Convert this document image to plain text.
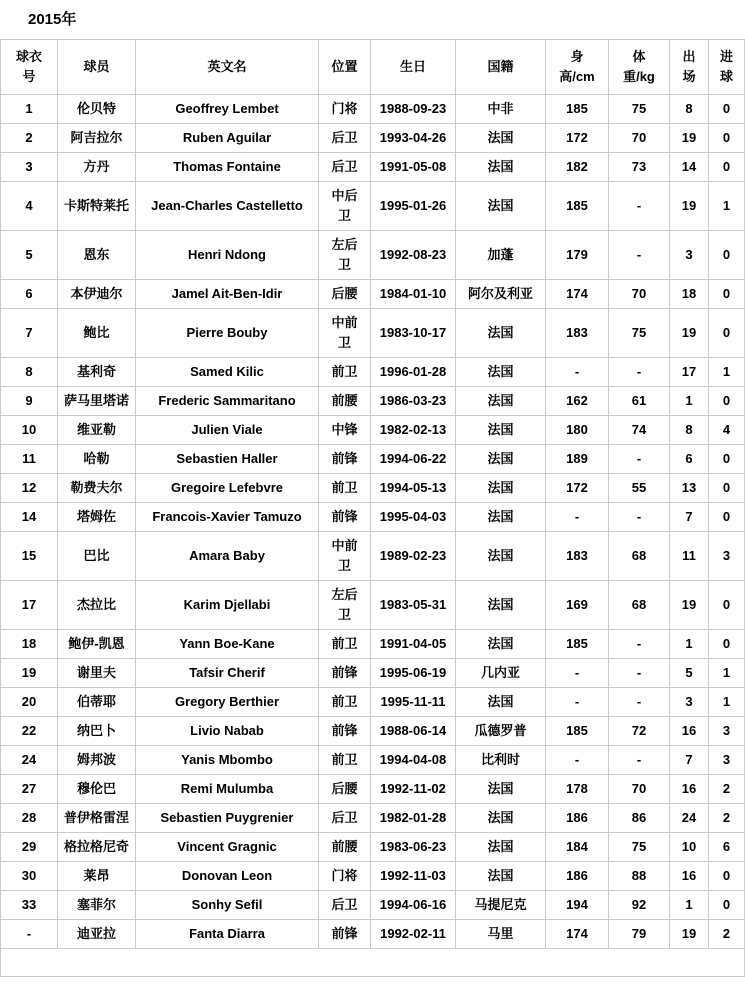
2015年
球衣号	球员	英文名	位置	生日	国籍	身高/cm	体重/kg	出场	进球
1	伦贝特	Geoffrey Lembet	门将	1988-09-23	中非	185	75	8	0
2	阿吉拉尔	Ruben Aguilar	后卫	1993-04-26	法国	172	70	19	0
3	方丹	Thomas Fontaine	后卫	1991-05-08	法国	182	73	14	0
4	卡斯特莱托	Jean-Charles Castelletto	中后卫	1995-01-26	法国	185	-	19	1
5	恩东	Henri Ndong	左后卫	1992-08-23	加蓬	179	-	3	0
6	本伊迪尔	Jamel Ait-Ben-Idir	后腰	1984-01-10	阿尔及利亚	174	70	18	0
7	鲍比	Pierre Bouby	中前卫	1983-10-17	法国	183	75	19	0
8	基利奇	Samed Kilic	前卫	1996-01-28	法国	-	-	17	1
9	萨马里塔诺	Frederic Sammaritano	前腰	1986-03-23	法国	162	61	1	0
10	维亚勒	Julien Viale	中锋	1982-02-13	法国	180	74	8	4
11	哈勒	Sebastien Haller	前锋	1994-06-22	法国	189	-	6	0
12	勒费夫尔	Gregoire Lefebvre	前卫	1994-05-13	法国	172	55	13	0
14	塔姆佐	Francois-Xavier Tamuzo	前锋	1995-04-03	法国	-	-	7	0
15	巴比	Amara Baby	中前卫	1989-02-23	法国	183	68	11	3
17	杰拉比	Karim Djellabi	左后卫	1983-05-31	法国	169	68	19	0
18	鲍伊-凯恩	Yann Boe-Kane	前卫	1991-04-05	法国	185	-	1	0
19	谢里夫	Tafsir Cherif	前锋	1995-06-19	几内亚	-	-	5	1
20	伯蒂耶	Gregory Berthier	前卫	1995-11-11	法国	-	-	3	1
22	纳巴卜	Livio Nabab	前锋	1988-06-14	瓜德罗普	185	72	16	3
24	姆邦波	Yanis Mbombo	前卫	1994-04-08	比利时	-	-	7	3
27	穆伦巴	Remi Mulumba	后腰	1992-11-02	法国	178	70	16	2
28	普伊格雷涅	Sebastien Puygrenier	后卫	1982-01-28	法国	186	86	24	2
29	格拉格尼奇	Vincent Gragnic	前腰	1983-06-23	法国	184	75	10	6
30	莱昂	Donovan Leon	门将	1992-11-03	法国	186	88	16	0
33	塞菲尔	Sonhy Sefil	后卫	1994-06-16	马提尼克	194	92	1	0
-	迪亚拉	Fanta Diarra	前锋	1992-02-11	马里	174	79	19	2
